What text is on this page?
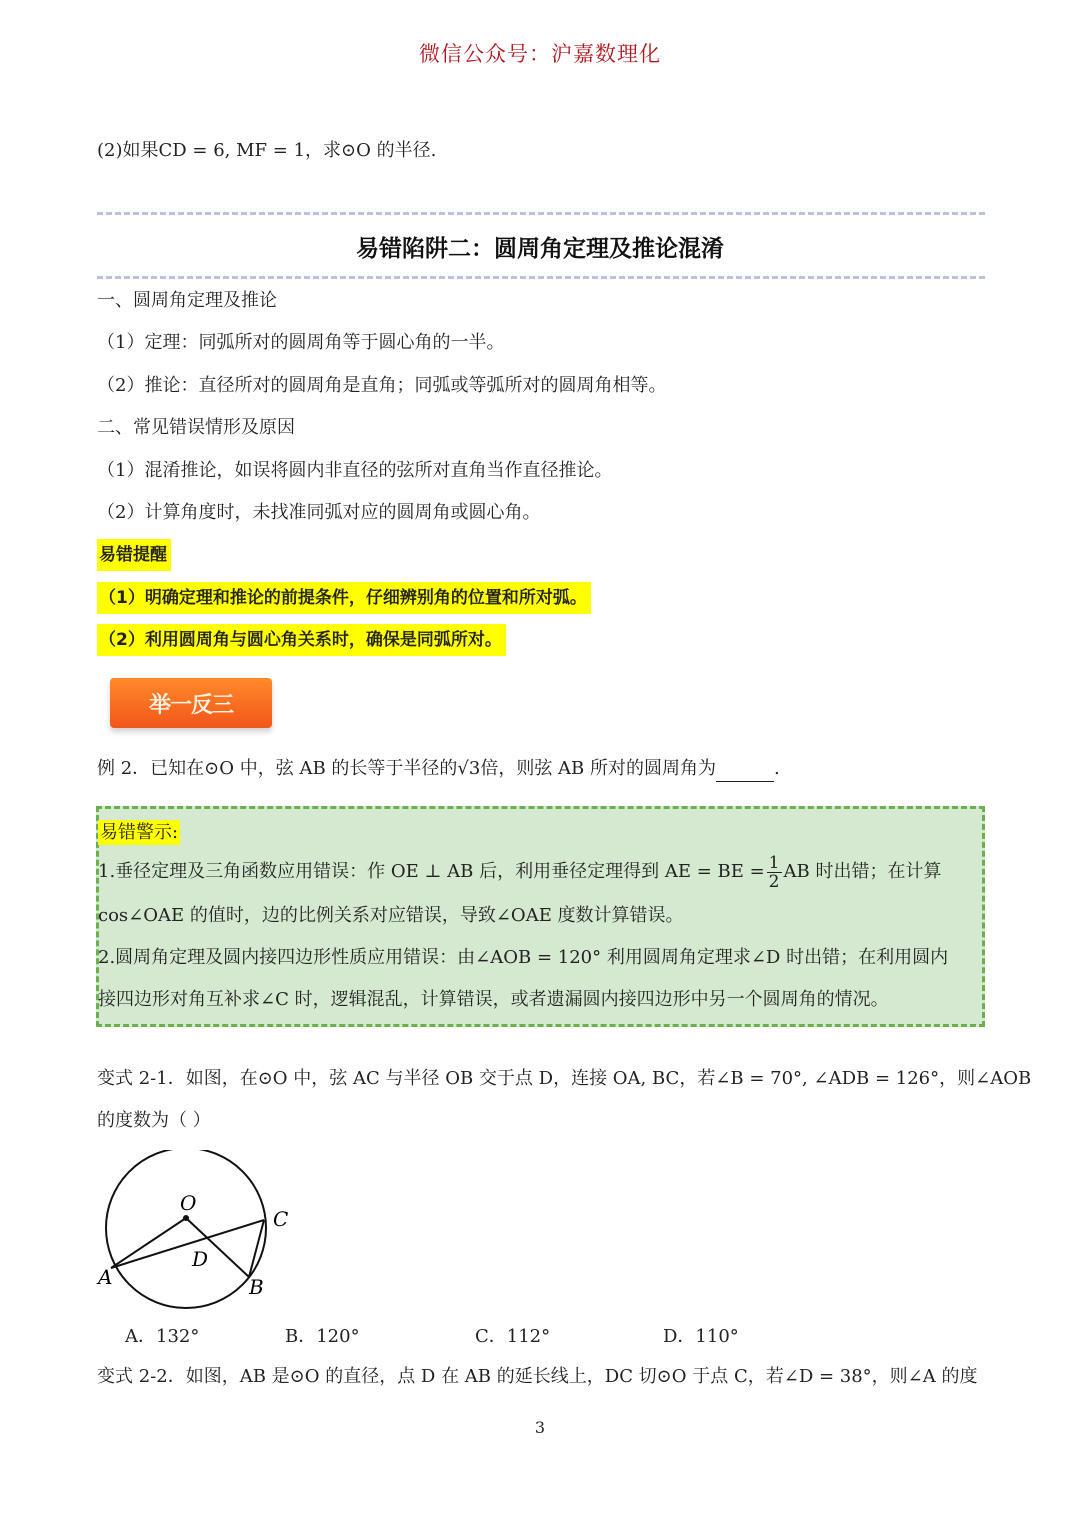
微信公众号：沪嘉数理化
(2)如果CD = 6, MF = 1，求⊙O 的半径.
易错陷阱二：圆周角定理及推论混淆
一、圆周角定理及推论
（1）定理：同弧所对的圆周角等于圆心角的一半。
（2）推论：直径所对的圆周角是直角；同弧或等弧所对的圆周角相等。
二、常见错误情形及原因
（1）混淆推论，如误将圆内非直径的弦所对直角当作直径推论。
（2）计算角度时，未找准同弧对应的圆周角或圆心角。
易错提醒
（1）明确定理和推论的前提条件，仔细辨别角的位置和所对弧。
（2）利用圆周角与圆心角关系时，确保是同弧所对。
举一反三
例 2．已知在⊙O 中，弦 AB 的长等于半径的√3倍，则弦 AB 所对的圆周角为	.
易错警示:
1.垂径定理及三角函数应用错误：作 OE ⊥ AB 后，利用垂径定理得到 AE = BE = $\frac{1}{2}$ AB 时出错；在计算
cos∠OAE 的值时，边的比例关系对应错误，导致∠OAE 度数计算错误。
2.圆周角定理及圆内接四边形性质应用错误：由∠AOB = 120° 利用圆周角定理求∠D 时出错；在利用圆内
接四边形对角互补求∠C 时，逻辑混乱，计算错误，或者遗漏圆内接四边形中另一个圆周角的情况。
变式 2-1．如图，在⊙O 中，弦 AC 与半径 OB 交于点 D，连接 OA, BC，若∠B = 70°, ∠ADB = 126°，则∠AOB
的度数为（ ）
O
C
D
A	B
A．132°	B．120°	C．112°	D．110°
变式 2-2．如图，AB 是⊙O 的直径，点 D 在 AB 的延长线上，DC 切⊙O 于点 C，若∠D = 38°，则∠A 的度
3
